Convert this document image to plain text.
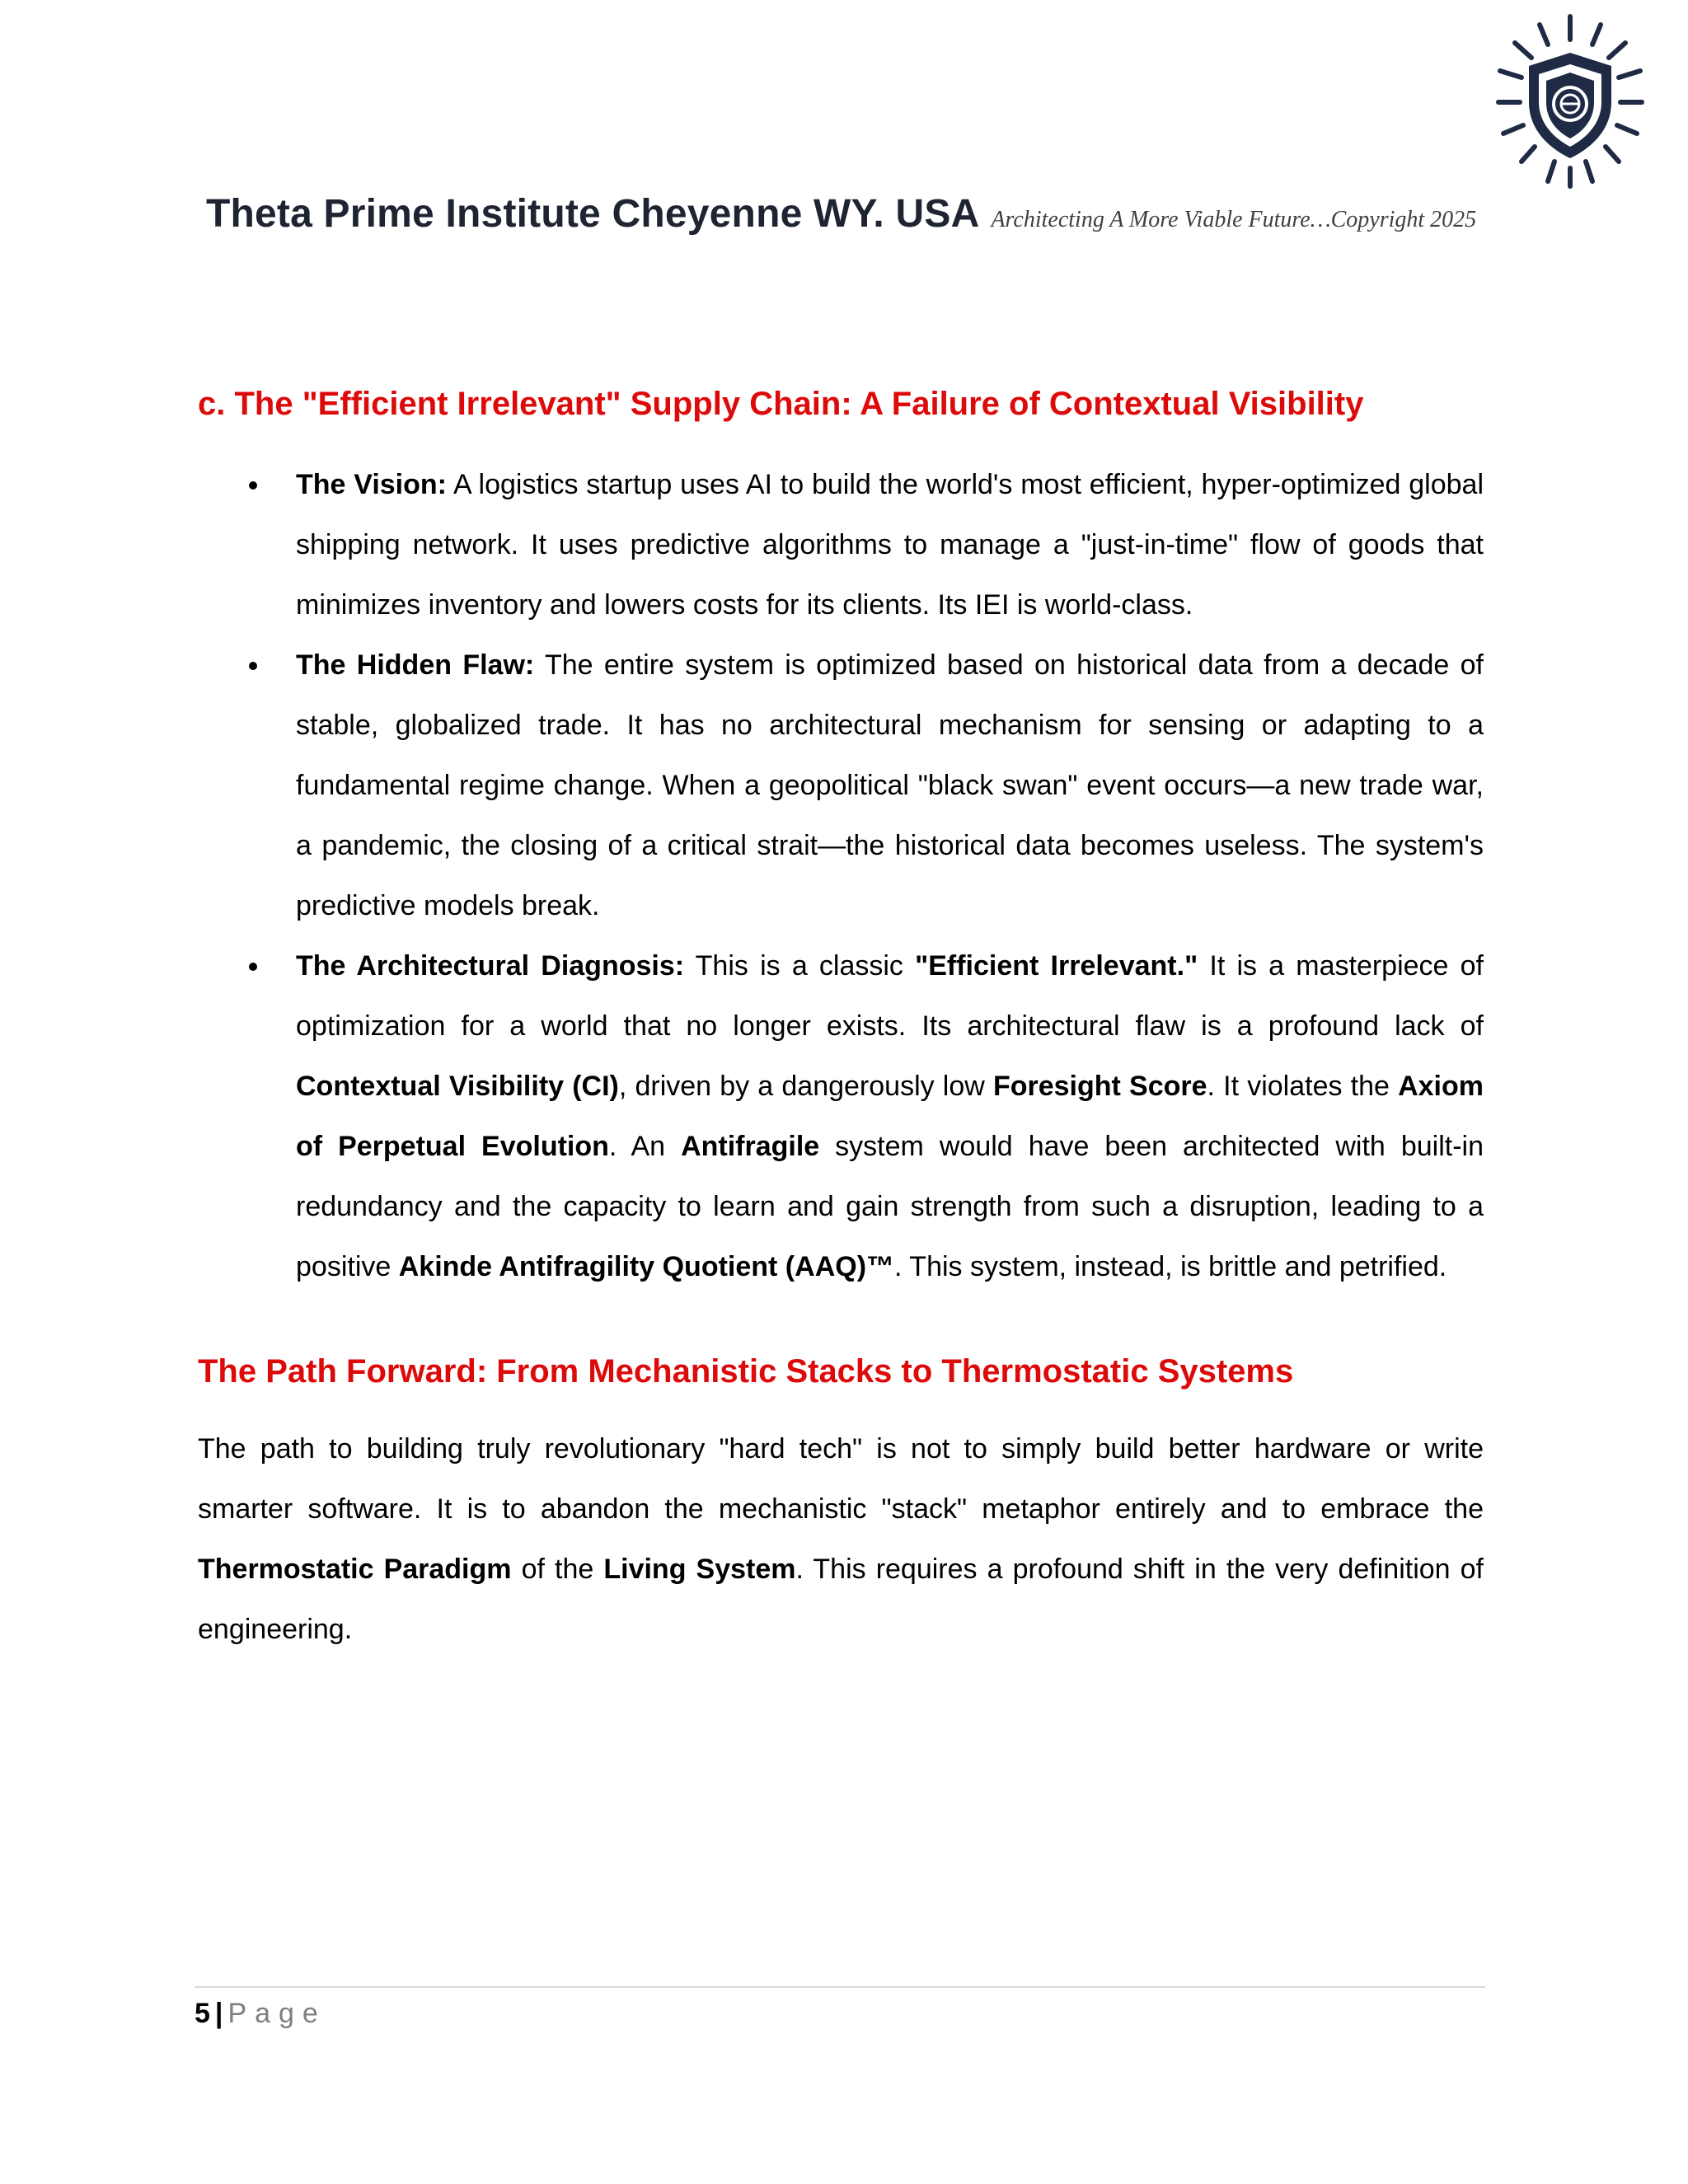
Theta Prime Institute Cheyenne WY. USA Architecting A More Viable Future…Copyright 2025
c. The "Efficient Irrelevant" Supply Chain: A Failure of Contextual Visibility

The Vision: A logistics startup uses AI to build the world's most efficient, hyper-optimized global shipping network. It uses predictive algorithms to manage a "just-in-time" flow of goods that minimizes inventory and lowers costs for its clients. Its IEI is world-class.

The Hidden Flaw: The entire system is optimized based on historical data from a decade of stable, globalized trade. It has no architectural mechanism for sensing or adapting to a fundamental regime change. When a geopolitical "black swan" event occurs—a new trade war, a pandemic, the closing of a critical strait—the historical data becomes useless. The system's predictive models break.

The Architectural Diagnosis: This is a classic "Efficient Irrelevant." It is a masterpiece of optimization for a world that no longer exists. Its architectural flaw is a profound lack of Contextual Visibility (CI), driven by a dangerously low Foresight Score. It violates the Axiom of Perpetual Evolution. An Antifragile system would have been architected with built-in redundancy and the capacity to learn and gain strength from such a disruption, leading to a positive Akinde Antifragility Quotient (AAQ)™. This system, instead, is brittle and petrified.

The Path Forward: From Mechanistic Stacks to Thermostatic Systems

The path to building truly revolutionary "hard tech" is not to simply build better hardware or write smarter software. It is to abandon the mechanistic "stack" metaphor entirely and to embrace the Thermostatic Paradigm of the Living System. This requires a profound shift in the very definition of engineering.

5 | Page
